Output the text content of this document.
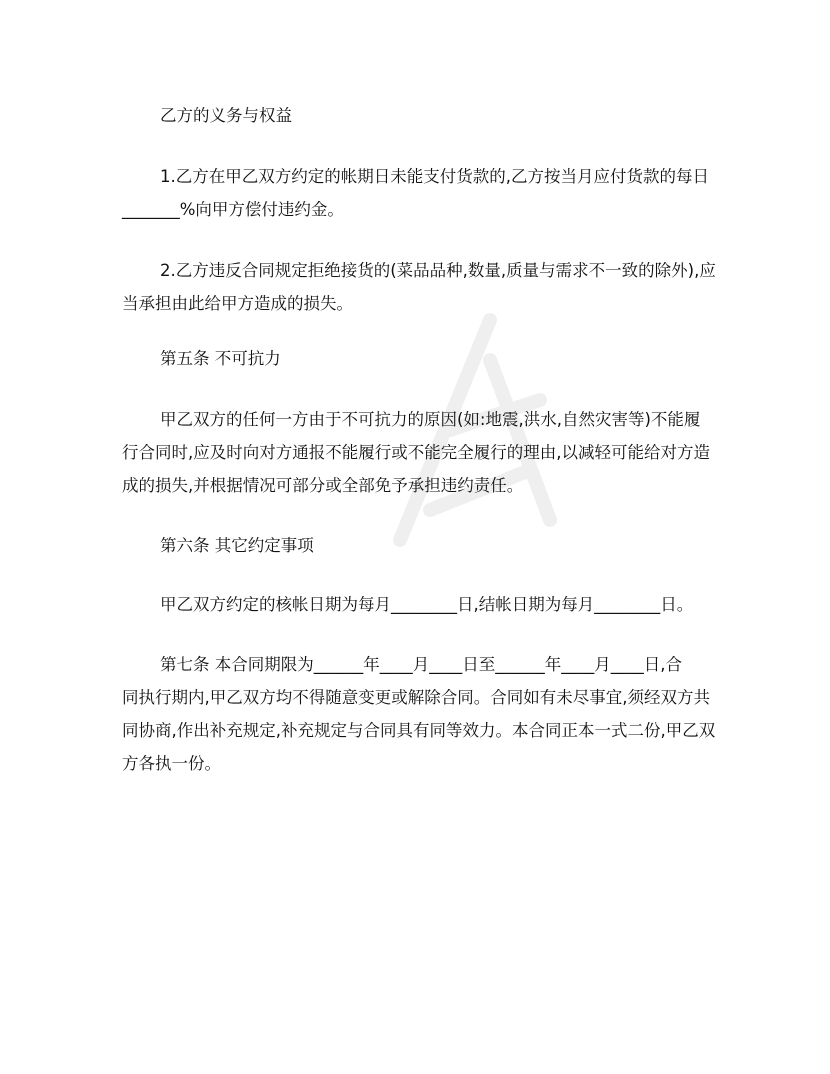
乙方的义务与权益
1.乙方在甲乙双方约定的帐期日未能支付货款的,乙方按当月应付货款的每日
_______%向甲方偿付违约金。
2.乙方违反合同规定拒绝接货的(菜品品种,数量,质量与需求不一致的除外),应
当承担由此给甲方造成的损失。
第五条 不可抗力
甲乙双方的任何一方由于不可抗力的原因(如:地震,洪水,自然灾害等)不能履
行合同时,应及时向对方通报不能履行或不能完全履行的理由,以减轻可能给对方造
成的损失,并根据情况可部分或全部免予承担违约责任。
第六条 其它约定事项
甲乙双方约定的核帐日期为每月________日,结帐日期为每月________日。
第七条 本合同期限为______年____月____日至______年____月____日,合
同执行期内,甲乙双方均不得随意变更或解除合同。合同如有未尽事宜,须经双方共
同协商,作出补充规定,补充规定与合同具有同等效力。本合同正本一式二份,甲乙双
方各执一份。
